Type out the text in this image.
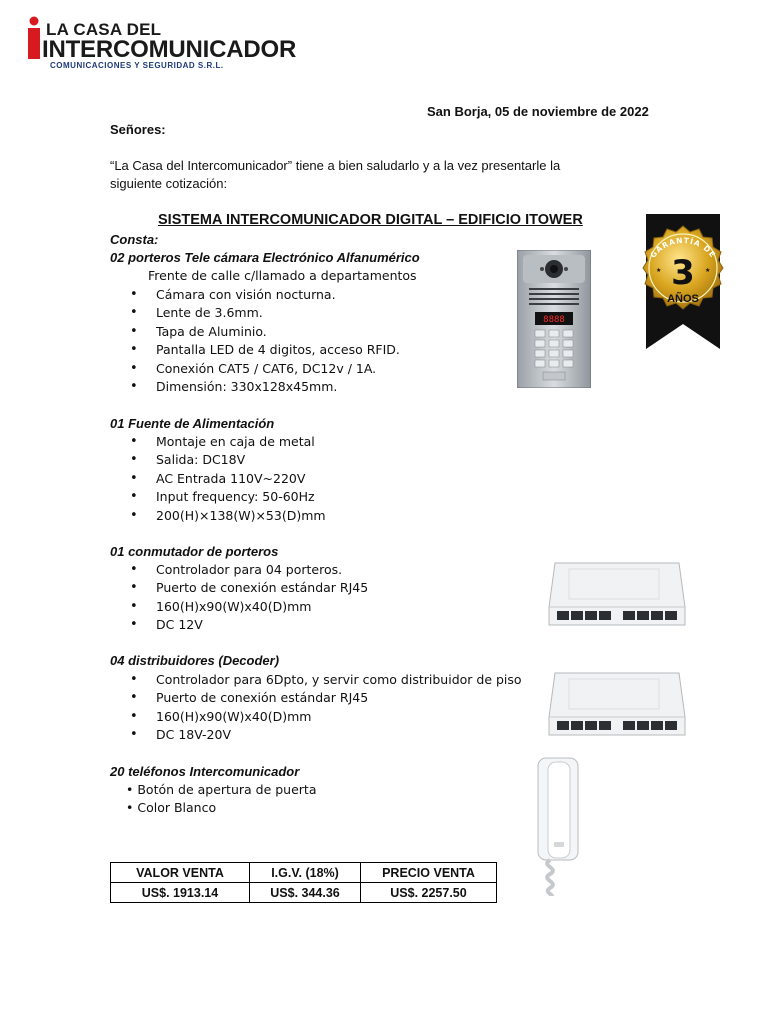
LA CASA DEL
INTERCOMUNICADOR
COMUNICACIONES Y SEGURIDAD S.R.L.
San Borja, 05 de noviembre de 2022
Señores:
“La Casa del Intercomunicador” tiene a bien saludarlo y a la vez presentarle la
siguiente cotización:
SISTEMA INTERCOMUNICADOR DIGITAL – EDIFICIO ITOWER
Consta:
02 porteros Tele cámara Electrónico Alfanumérico
Frente de calle c/llamado a departamentos
• Cámara con visión nocturna.
• Lente de 3.6mm.
• Tapa de Aluminio.
• Pantalla LED de 4 digitos, acceso RFID.
• Conexión CAT5 / CAT6, DC12v / 1A.
• Dimensión: 330x128x45mm.
01 Fuente de Alimentación
• Montaje en caja de metal
• Salida: DC18V
• AC Entrada 110V~220V
• Input frequency: 50-60Hz
• 200(H)×138(W)×53(D)mm
01 conmutador de porteros
• Controlador para 04 porteros.
• Puerto de conexión estándar RJ45
• 160(H)x90(W)x40(D)mm
• DC 12V
04 distribuidores (Decoder)
• Controlador para 6Dpto, y servir como distribuidor de piso
• Puerto de conexión estándar RJ45
• 160(H)x90(W)x40(D)mm
• DC 18V-20V
20 teléfonos Intercomunicador
• Botón de apertura de puerta
• Color Blanco
VALOR VENTA	I.G.V. (18%)	PRECIO VENTA
US$. 1913.14	US$. 344.36	US$. 2257.50
8888
GARANTÍA DE
3
AÑOS
★	★
